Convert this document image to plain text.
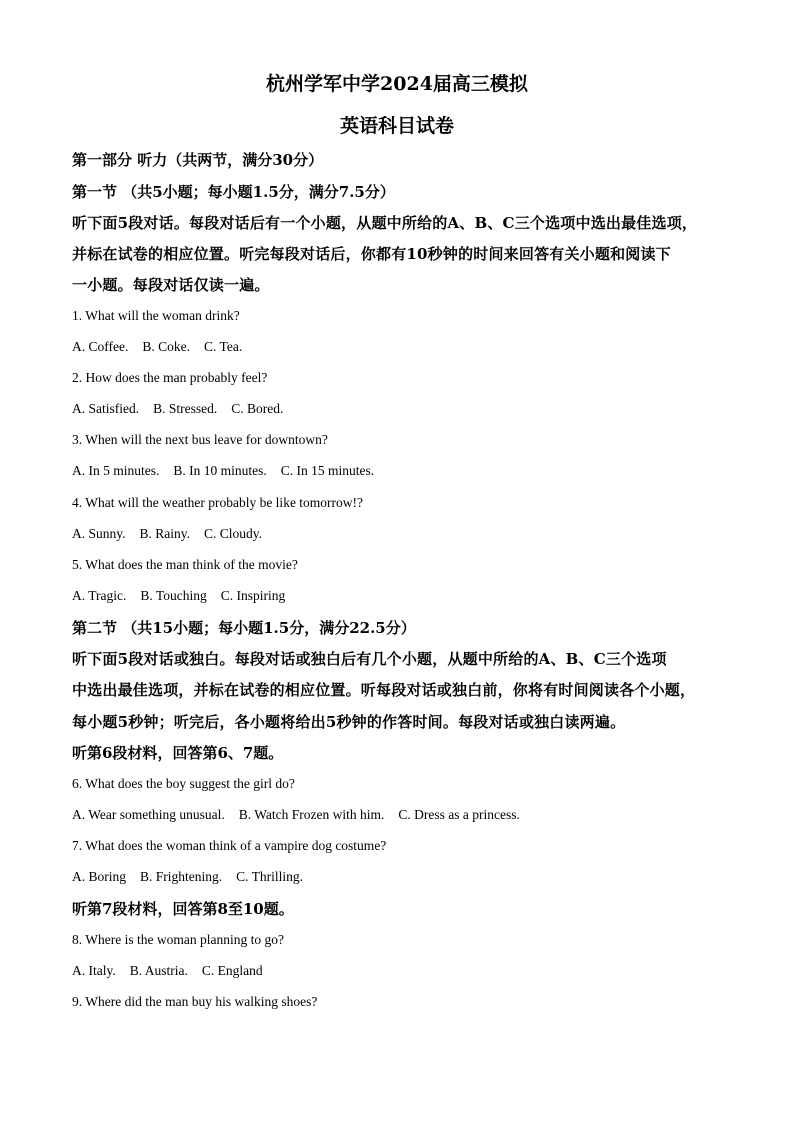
杭州学军中学2024届高三模拟
英语科目试卷
第一部分 听力（共两节，满分30分）
第一节 （共5小题；每小题1.5分，满分7.5分）
听下面5段对话。每段对话后有一个小题，从题中所给的A、B、C三个选项中选出最佳选项，
并标在试卷的相应位置。听完每段对话后，你都有10秒钟的时间来回答有关小题和阅读下
一小题。每段对话仅读一遍。
1. What will the woman drink?
A. Coffee. B. Coke. C. Tea.
2. How does the man probably feel?
A. Satisfied. B. Stressed. C. Bored.
3. When will the next bus leave for downtown?
A. In 5 minutes. B. In 10 minutes. C. In 15 minutes.
4. What will the weather probably be like tomorrow!?
A. Sunny. B. Rainy. C. Cloudy.
5. What does the man think of the movie?
A. Tragic. B. Touching C. Inspiring
第二节 （共15小题；每小题1.5分，满分22.5分）
听下面5段对话或独白。每段对话或独白后有几个小题，从题中所给的A、B、C三个选项
中选出最佳选项，并标在试卷的相应位置。听每段对话或独白前，你将有时间阅读各个小题，
每小题5秒钟；听完后，各小题将给出5秒钟的作答时间。每段对话或独白读两遍。
听第6段材料，回答第6、7题。
6. What does the boy suggest the girl do?
A. Wear something unusual. B. Watch Frozen with him. C. Dress as a princess.
7. What does the woman think of a vampire dog costume?
A. Boring B. Frightening. C. Thrilling.
听第7段材料，回答第8至10题。
8. Where is the woman planning to go?
A. Italy. B. Austria. C. England
9. Where did the man buy his walking shoes?
